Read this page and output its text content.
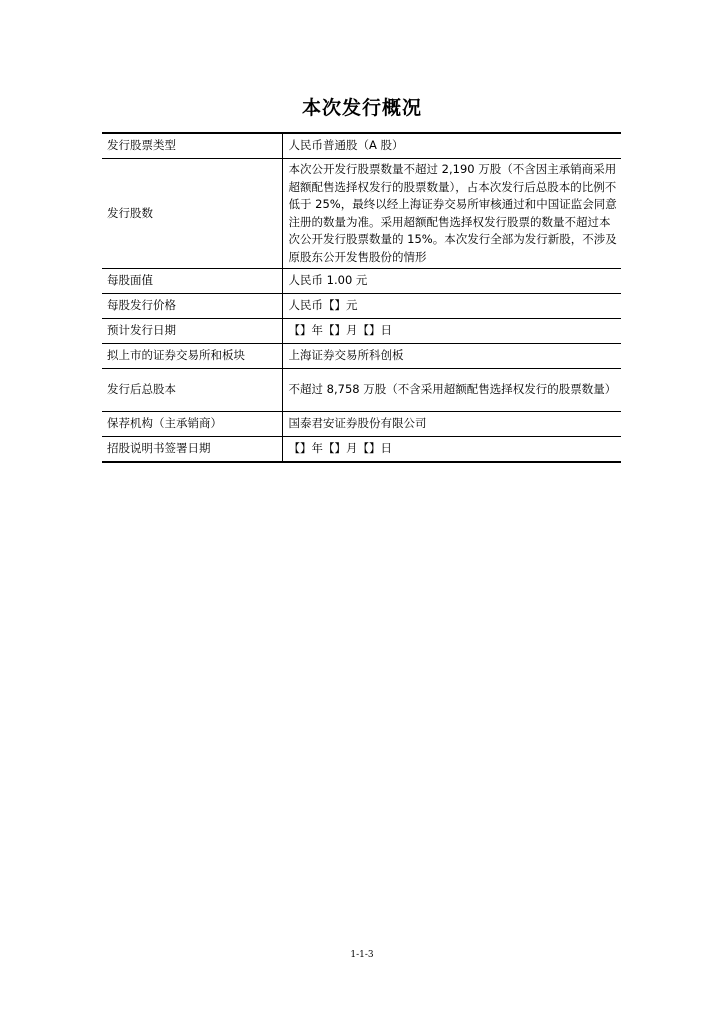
本次发行概况
发行股票类型	人民币普通股（A 股）
发行股数	本次公开发行股票数量不超过 2,190 万股（不含因主承销商采用超额配售选择权发行的股票数量），占本次发行后总股本的比例不低于 25%，最终以经上海证券交易所审核通过和中国证监会同意注册的数量为准。采用超额配售选择权发行股票的数量不超过本次公开发行股票数量的 15%。本次发行全部为发行新股，不涉及原股东公开发售股份的情形
每股面值	人民币 1.00 元
每股发行价格	人民币【】元
预计发行日期	【】年【】月【】日
拟上市的证券交易所和板块	上海证券交易所科创板
发行后总股本	不超过 8,758 万股（不含采用超额配售选择权发行的股票数量）
保荐机构（主承销商）	国泰君安证券股份有限公司
招股说明书签署日期	【】年【】月【】日
1-1-3
